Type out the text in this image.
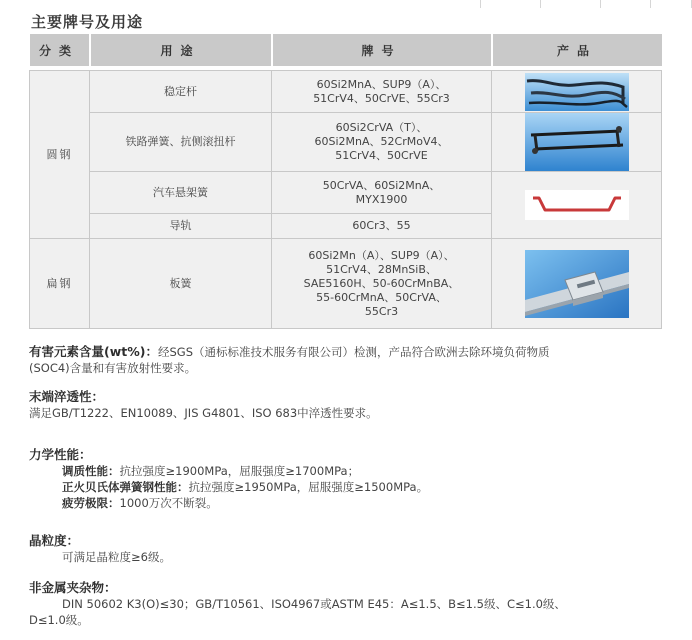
主要牌号及用途
分类	用途	牌号	产品

圆钢	稳定杆	60Si2MnA、SUP9（A）、
51CrV4、50CrVE、55Cr3

	铁路弹簧、抗侧滚扭杆	60Si2CrVA（T）、
60Si2MnA、52CrMoV4、
51CrV4、50CrVE

	汽车悬架簧	50CrVA、60Si2MnA、
MYX1900

	导轨	60Cr3、55	

扁钢	板簧	60Si2Mn（A）、SUP9（A）、
51CrV4、28MnSiB、
SAE5160H、50-60CrMnBA、
55-60CrMnA、50CrVA、
55Cr3

有害元素含量(wt%)：经SGS（通标标准技术服务有限公司）检测，产品符合欧洲去除环境负荷物质
(SOC4)含量和有害放射性要求。
末端淬透性：
满足GB/T1222、EN10089、JIS G4801、ISO 683中淬透性要求。
力学性能：
调质性能：抗拉强度≥1900MPa，屈服强度≥1700MPa；
正火贝氏体弹簧钢性能：抗拉强度≥1950MPa，屈服强度≥1500MPa。
疲劳极限：1000万次不断裂。
晶粒度：
可满足晶粒度≥6级。
非金属夹杂物：
DIN 50602 K3(O)≤30；GB/T10561、ISO4967或ASTM E45：A≤1.5、B≤1.5级、C≤1.0级、
D≤1.0级。
